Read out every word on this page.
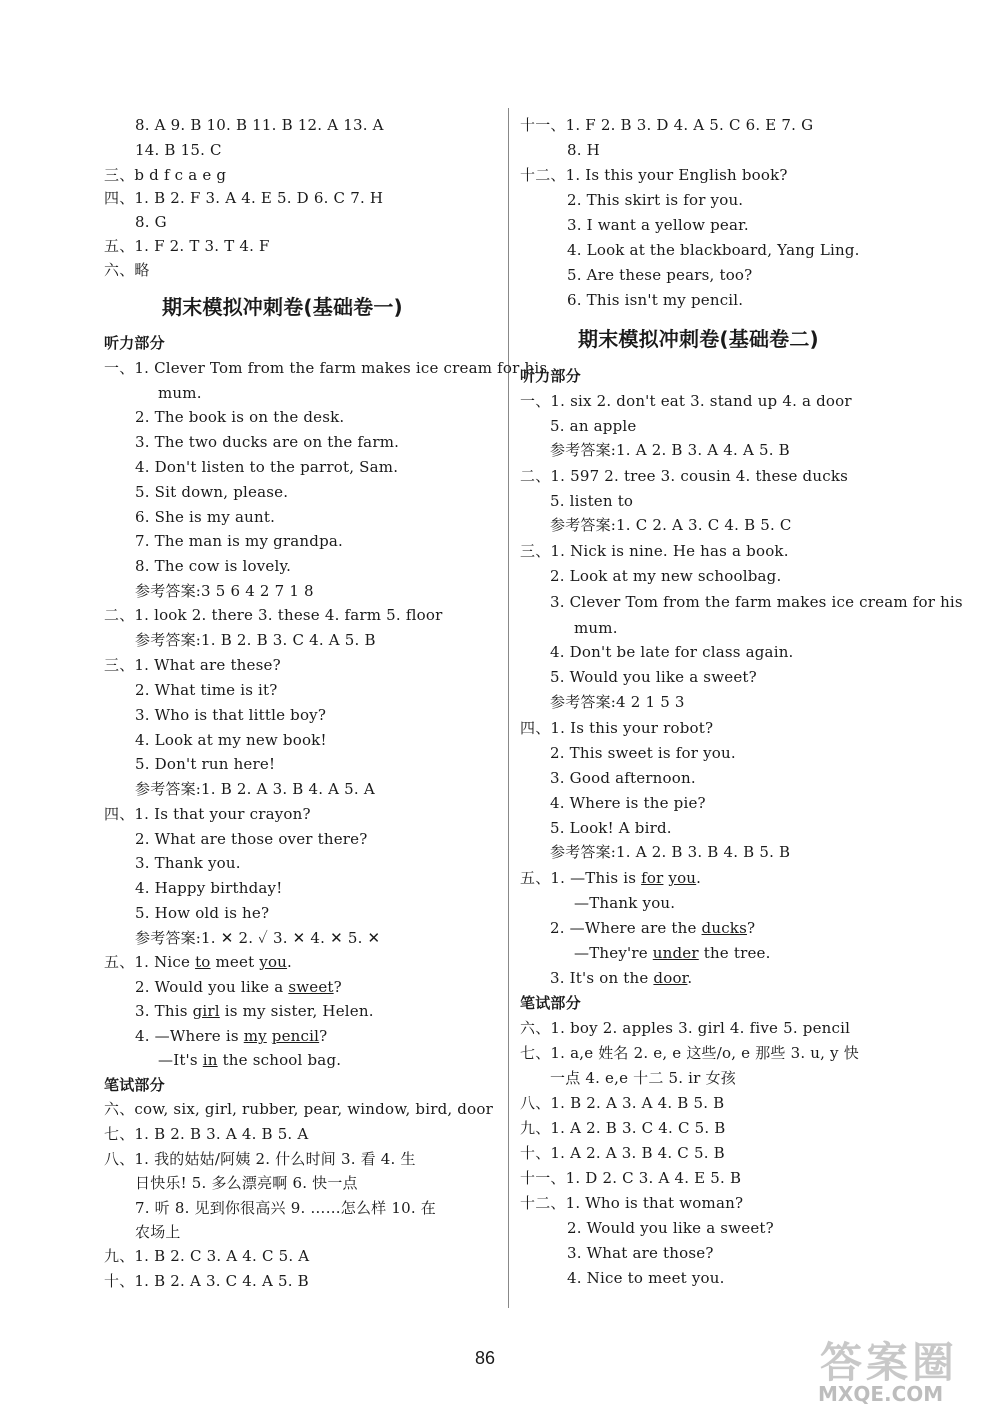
8. A 9. B 10. B 11. B 12. A 13. A
14. B 15. C
三、b d f c a e g
四、1. B 2. F 3. A 4. E 5. D 6. C 7. H
8. G
五、1. F 2. T 3. T 4. F
六、略
期末模拟冲刺卷(基础卷一)
听力部分
一、1. Clever Tom from the farm makes ice cream for his
mum.
2. The book is on the desk.
3. The two ducks are on the farm.
4. Don't listen to the parrot, Sam.
5. Sit down, please.
6. She is my aunt.
7. The man is my grandpa.
8. The cow is lovely.
参考答案:3 5 6 4 2 7 1 8
二、1. look 2. there 3. these 4. farm 5. floor
参考答案:1. B 2. B 3. C 4. A 5. B
三、1. What are these?
2. What time is it?
3. Who is that little boy?
4. Look at my new book!
5. Don't run here!
参考答案:1. B 2. A 3. B 4. A 5. A
四、1. Is that your crayon?
2. What are those over there?
3. Thank you.
4. Happy birthday!
5. How old is he?
参考答案:1. ✕ 2. ✓ 3. ✕ 4. ✕ 5. ✕
五、1. Nice to meet you.
2. Would you like a sweet?
3. This girl is my sister, Helen.
4. —Where is my pencil?
—It's in the school bag.
笔试部分
六、cow, six, girl, rubber, pear, window, bird, door
七、1. B 2. B 3. A 4. B 5. A
八、1. 我的姑姑/阿姨 2. 什么时间 3. 看 4. 生
日快乐! 5. 多么漂亮啊 6. 快一点
7. 听 8. 见到你很高兴 9. ……怎么样 10. 在
农场上
九、1. B 2. C 3. A 4. C 5. A
十、1. B 2. A 3. C 4. A 5. B
十一、1. F 2. B 3. D 4. A 5. C 6. E 7. G
8. H
十二、1. Is this your English book?
2. This skirt is for you.
3. I want a yellow pear.
4. Look at the blackboard, Yang Ling.
5. Are these pears, too?
6. This isn't my pencil.
期末模拟冲刺卷(基础卷二)
听力部分
一、1. six 2. don't eat 3. stand up 4. a door
5. an apple
参考答案:1. A 2. B 3. A 4. A 5. B
二、1. 597 2. tree 3. cousin 4. these ducks
5. listen to
参考答案:1. C 2. A 3. C 4. B 5. C
三、1. Nick is nine. He has a book.
2. Look at my new schoolbag.
3. Clever Tom from the farm makes ice cream for his
mum.
4. Don't be late for class again.
5. Would you like a sweet?
参考答案:4 2 1 5 3
四、1. Is this your robot?
2. This sweet is for you.
3. Good afternoon.
4. Where is the pie?
5. Look! A bird.
参考答案:1. A 2. B 3. B 4. B 5. B
五、1. —This is for you.
—Thank you.
2. —Where are the ducks?
—They're under the tree.
3. It's on the door.
笔试部分
六、1. boy 2. apples 3. girl 4. five 5. pencil
七、1. a,e 姓名 2. e, e 这些/o, e 那些 3. u, y 快
一点 4. e,e 十二 5. ir 女孩
八、1. B 2. A 3. A 4. B 5. B
九、1. A 2. B 3. C 4. C 5. B
十、1. A 2. A 3. B 4. C 5. B
十一、1. D 2. C 3. A 4. E 5. B
十二、1. Who is that woman?
2. Would you like a sweet?
3. What are those?
4. Nice to meet you.
86	答案圈
MXQE.COM
